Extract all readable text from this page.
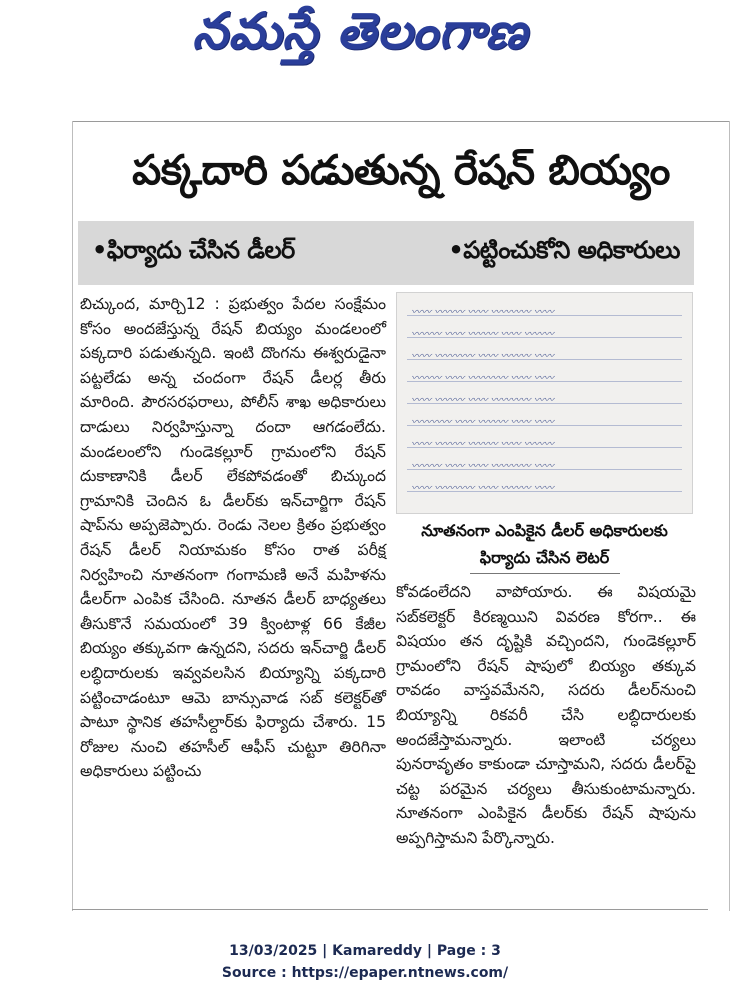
నమస్తే తెలంగాణ
పక్కదారి పడుతున్న రేషన్ బియ్యం
•ఫిర్యాదు చేసిన డీలర్	•పట్టించుకోని అధికారులు

బిచ్కుంద, మార్చి12 : ప్రభుత్వం పేదల సంక్షేమం కోసం అందజేస్తున్న రేషన్ బియ్యం మండలంలో పక్కదారి పడుతున్నది. ఇంటి దొంగను ఈశ్వరుడైనా పట్టలేడు అన్న చందంగా రేషన్ డీలర్ల తీరు మారింది. పౌరసరఫరాలు, పోలీస్ శాఖ అధికారులు దాడులు నిర్వహిస్తున్నా దందా ఆగడంలేదు. మండలంలోని గుండెకల్లూర్ గ్రామంలోని రేషన్ దుకాణానికి డీలర్ లేకపోవడంతో బిచ్కుంద గ్రామానికి చెందిన ఓ డీలర్‌కు ఇన్‌చార్జిగా రేషన్ షాప్‌ను అప్పజెప్పారు. రెండు నెలల క్రితం ప్రభుత్వం రేషన్ డీలర్ నియామకం కోసం రాత పరీక్ష నిర్వహించి నూతనంగా గంగామణి అనే మహిళను డీలర్‌గా ఎంపిక చేసింది. నూతన డీలర్ బాధ్యతలు తీసుకొనే సమయంలో 39 క్వింటాళ్ల 66 కేజీల బియ్యం తక్కువగా ఉన్నదని, సదరు ఇన్‌చార్జి డీలర్ లబ్ధిదారులకు ఇవ్వవలసిన బియ్యాన్ని పక్కదారి పట్టించాడంటూ ఆమె బాన్సువాడ సబ్ కలెక్టర్‌తో పాటూ స్థానిక తహసీల్దార్‌కు ఫిర్యాదు చేశారు. 15 రోజుల నుంచి తహసీల్ ఆఫీస్ చుట్టూ తిరిగినా అధికారులు పట్టించు

〰〰 〰〰〰 〰〰 〰〰〰〰 〰〰
〰〰〰 〰〰 〰〰〰 〰〰 〰〰〰
〰〰 〰〰〰〰 〰〰 〰〰〰 〰〰
〰〰〰 〰〰 〰〰〰〰 〰〰 〰〰
〰〰 〰〰〰 〰〰 〰〰〰〰 〰〰
〰〰〰〰 〰〰 〰〰〰 〰〰 〰〰
〰〰 〰〰〰 〰〰〰 〰〰 〰〰〰
〰〰〰 〰〰 〰〰 〰〰〰〰 〰〰
〰〰 〰〰〰〰 〰〰 〰〰〰 〰〰
నూతనంగా ఎంపికైన డీలర్ అధికారులకు ఫిర్యాదు చేసిన లెటర్

కోవడంలేదని వాపోయారు. ఈ విషయమై సబ్‌కలెక్టర్ కిరణ్మయిని వివరణ కోరగా.. ఈ విషయం తన దృష్టికి వచ్చిందని, గుండెకల్లూర్ గ్రామంలోని రేషన్ షాపులో బియ్యం తక్కువ రావడం వాస్తవమేనని, సదరు డీలర్‌నుంచి బియ్యాన్ని రికవరీ చేసి లబ్ధిదారులకు అందజేస్తామన్నారు. ఇలాంటి చర్యలు పునరావృతం కాకుండా చూస్తామని, సదరు డీలర్‌పై చట్ట పరమైన చర్యలు తీసుకుంటామన్నారు. నూతనంగా ఎంపికైన డీలర్‌కు రేషన్ షాపును అప్పగిస్తామని పేర్కొన్నారు.

13/03/2025 | Kamareddy | Page : 3
Source : https://epaper.ntnews.com/
